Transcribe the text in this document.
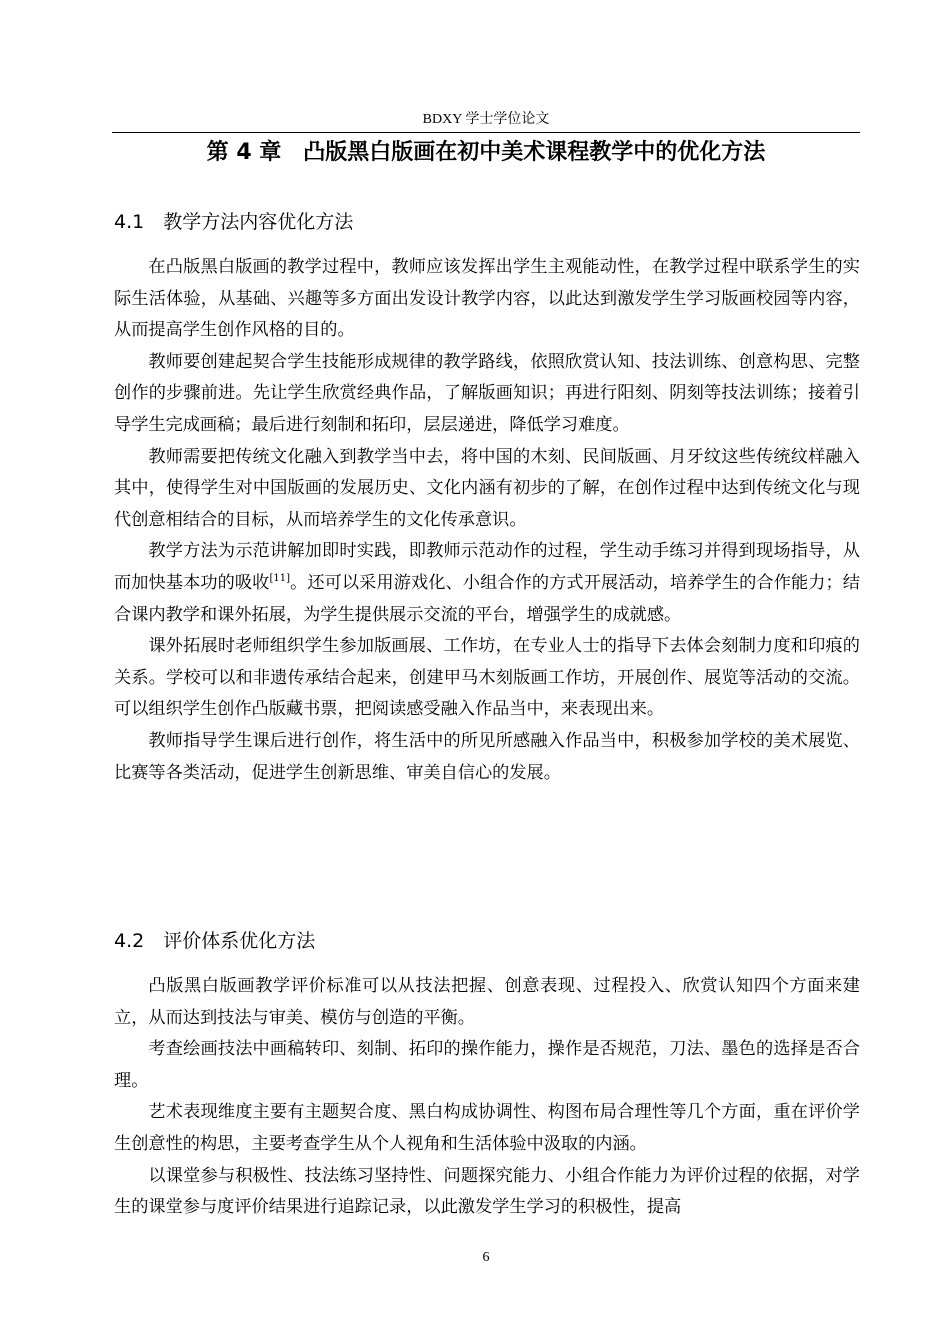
BDXY 学士学位论文
第 4 章　凸版黑白版画在初中美术课程教学中的优化方法
4.1　教学方法内容优化方法

在凸版黑白版画的教学过程中，教师应该发挥出学生主观能动性，在教学过程中联系学生的实际生活体验，从基础、兴趣等多方面出发设计教学内容，以此达到激发学生学习版画校园等内容，从而提高学生创作风格的目的。

教师要创建起契合学生技能形成规律的教学路线，依照欣赏认知、技法训练、创意构思、完整创作的步骤前进。先让学生欣赏经典作品，了解版画知识；再进行阳刻、阴刻等技法训练；接着引导学生完成画稿；最后进行刻制和拓印，层层递进，降低学习难度。

教师需要把传统文化融入到教学当中去，将中国的木刻、民间版画、月牙纹这些传统纹样融入其中，使得学生对中国版画的发展历史、文化内涵有初步的了解，在创作过程中达到传统文化与现代创意相结合的目标，从而培养学生的文化传承意识。

教学方法为示范讲解加即时实践，即教师示范动作的过程，学生动手练习并得到现场指导，从而加快基本功的吸收[11]。还可以采用游戏化、小组合作的方式开展活动，培养学生的合作能力；结合课内教学和课外拓展，为学生提供展示交流的平台，增强学生的成就感。

课外拓展时老师组织学生参加版画展、工作坊，在专业人士的指导下去体会刻制力度和印痕的关系。学校可以和非遗传承结合起来，创建甲马木刻版画工作坊，开展创作、展览等活动的交流。可以组织学生创作凸版藏书票，把阅读感受融入作品当中，来表现出来。

教师指导学生课后进行创作，将生活中的所见所感融入作品当中，积极参加学校的美术展览、比赛等各类活动，促进学生创新思维、审美自信心的发展。

4.2　评价体系优化方法

凸版黑白版画教学评价标准可以从技法把握、创意表现、过程投入、欣赏认知四个方面来建立，从而达到技法与审美、模仿与创造的平衡。

考查绘画技法中画稿转印、刻制、拓印的操作能力，操作是否规范，刀法、墨色的选择是否合理。

艺术表现维度主要有主题契合度、黑白构成协调性、构图布局合理性等几个方面，重在评价学生创意性的构思，主要考查学生从个人视角和生活体验中汲取的内涵。

以课堂参与积极性、技法练习坚持性、问题探究能力、小组合作能力为评价过程的依据，对学生的课堂参与度评价结果进行追踪记录，以此激发学生学习的积极性，提高

6
